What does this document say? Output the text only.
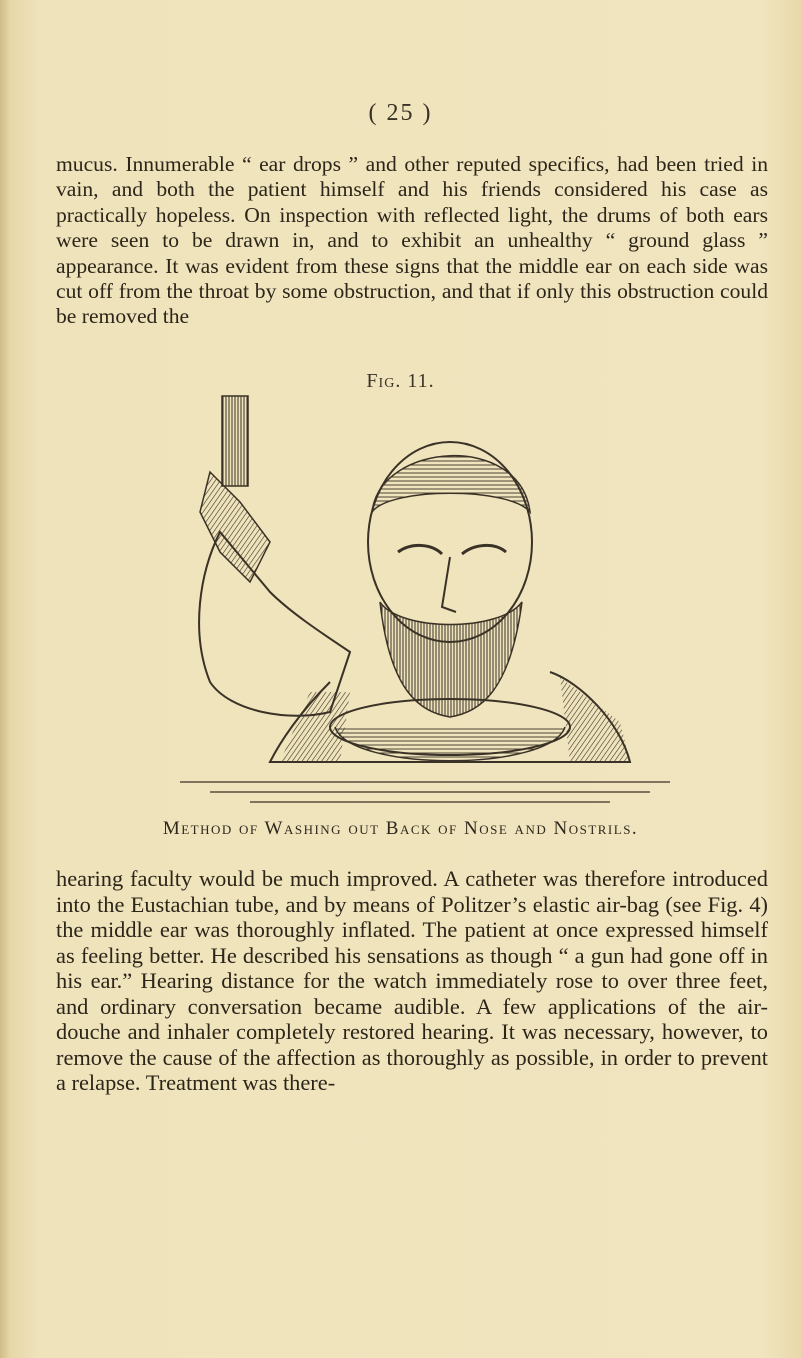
( 25 )

mucus. Innumerable “ ear drops ” and other reputed specifics, had been tried in vain, and both the patient himself and his friends considered his case as practically hopeless. On inspection with reflected light, the drums of both ears were seen to be drawn in, and to exhibit an unhealthy “ ground glass ” appearance. It was evident from these signs that the middle ear on each side was cut off from the throat by some obstruction, and that if only this obstruction could be removed the

Fig. 11.
Method of Washing out Back of Nose and Nostrils.

hearing faculty would be much improved. A catheter was therefore introduced into the Eustachian tube, and by means of Politzer’s elastic air-bag (see Fig. 4) the middle ear was thoroughly inflated. The patient at once expressed himself as feeling better. He described his sensations as though “ a gun had gone off in his ear.” Hearing distance for the watch immediately rose to over three feet, and ordinary conversation became audible. A few applications of the air-douche and inhaler completely restored hearing. It was necessary, however, to remove the cause of the affection as thoroughly as possible, in order to prevent a relapse. Treatment was there-
